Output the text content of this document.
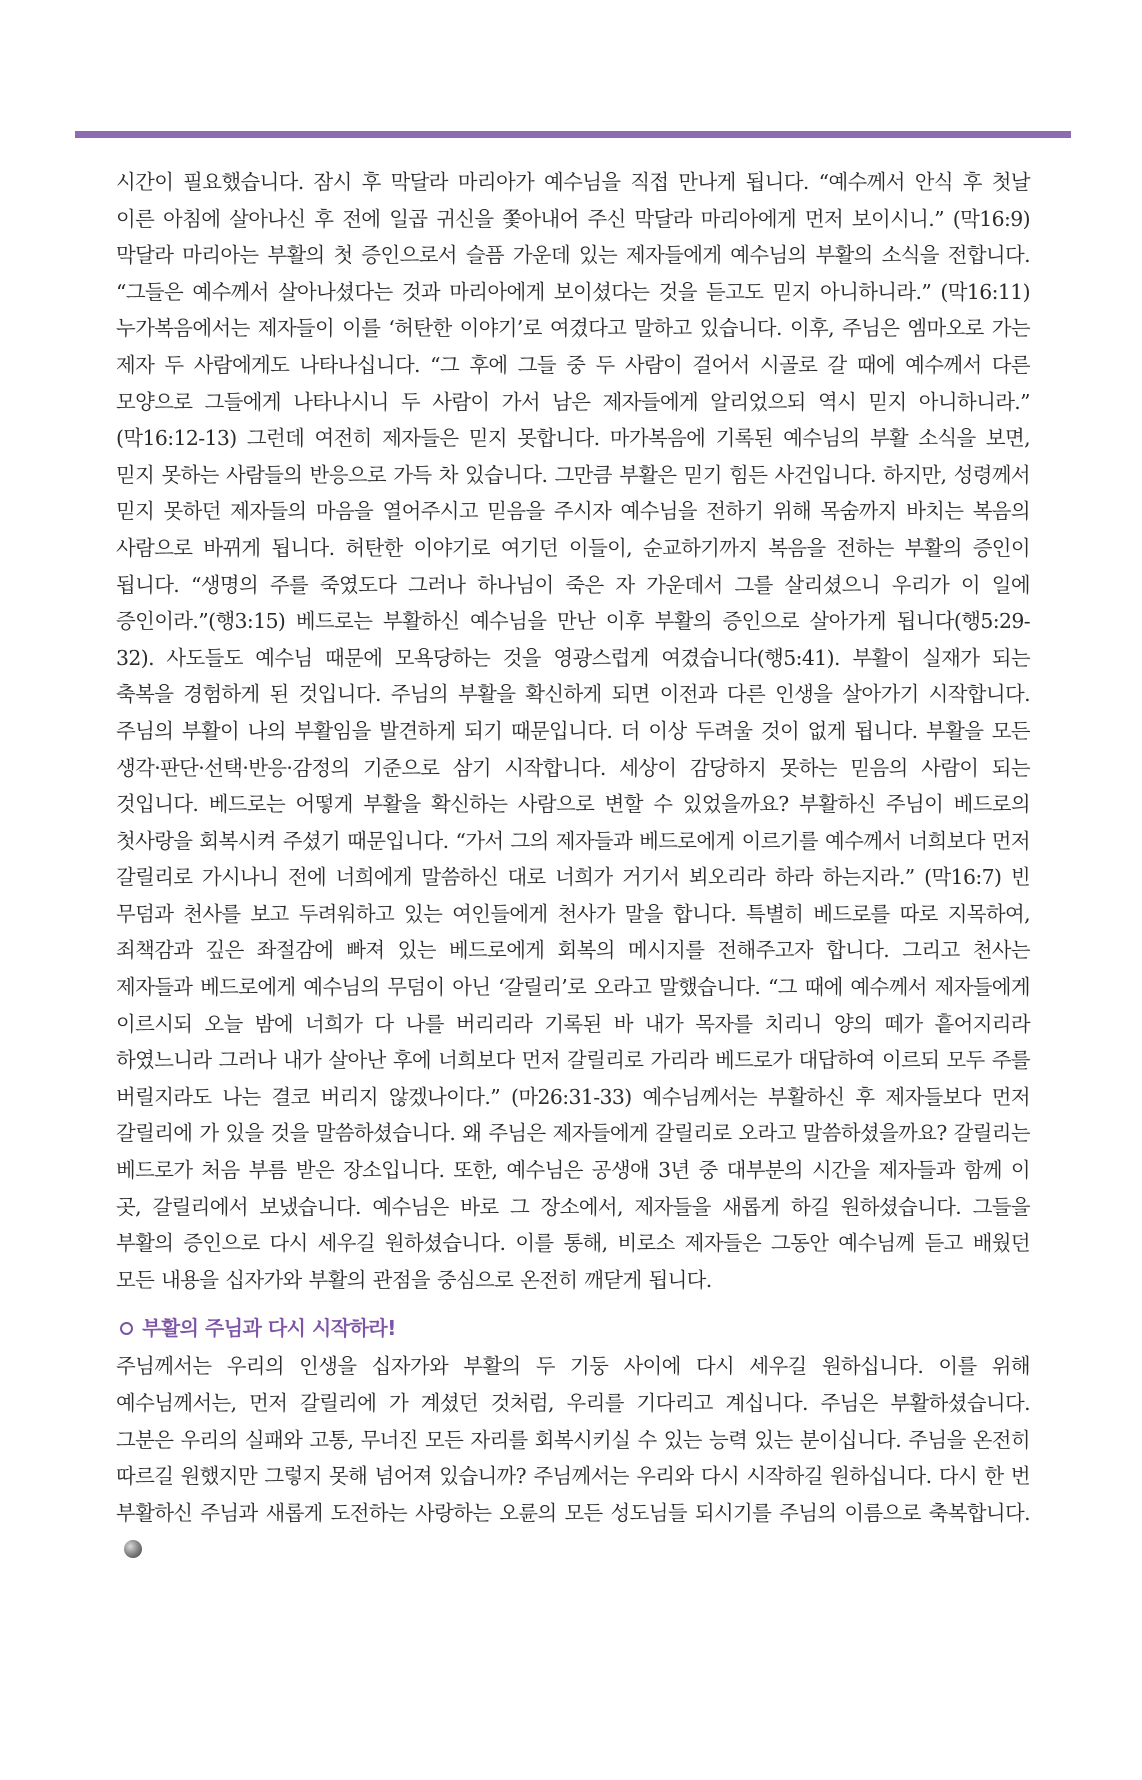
시간이 필요했습니다. 잠시 후 막달라 마리아가 예수님을 직접 만나게 됩니다. “예수께서 안식 후 첫날 이른 아침에 살아나신 후 전에 일곱 귀신을 쫓아내어 주신 막달라 마리아에게 먼저 보이시니.” (막16:9) 막달라 마리아는 부활의 첫 증인으로서 슬픔 가운데 있는 제자들에게 예수님의 부활의 소식을 전합니다. “그들은 예수께서 살아나셨다는 것과 마리아에게 보이셨다는 것을 듣고도 믿지 아니하니라.” (막16:11) 누가복음에서는 제자들이 이를 ‘허탄한 이야기’로 여겼다고 말하고 있습니다. 이후, 주님은 엠마오로 가는 제자 두 사람에게도 나타나십니다. “그 후에 그들 중 두 사람이 걸어서 시골로 갈 때에 예수께서 다른 모양으로 그들에게 나타나시니 두 사람이 가서 남은 제자들에게 알리었으되 역시 믿지 아니하니라.” (막16:12-13) 그런데 여전히 제자들은 믿지 못합니다. 마가복음에 기록된 예수님의 부활 소식을 보면, 믿지 못하는 사람들의 반응으로 가득 차 있습니다. 그만큼 부활은 믿기 힘든 사건입니다. 하지만, 성령께서 믿지 못하던 제자들의 마음을 열어주시고 믿음을 주시자 예수님을 전하기 위해 목숨까지 바치는 복음의 사람으로 바뀌게 됩니다. 허탄한 이야기로 여기던 이들이, 순교하기까지 복음을 전하는 부활의 증인이 됩니다. “생명의 주를 죽였도다 그러나 하나님이 죽은 자 가운데서 그를 살리셨으니 우리가 이 일에 증인이라.”(행3:15) 베드로는 부활하신 예수님을 만난 이후 부활의 증인으로 살아가게 됩니다(행5:29-32). 사도들도 예수님 때문에 모욕당하는 것을 영광스럽게 여겼습니다(행5:41). 부활이 실재가 되는 축복을 경험하게 된 것입니다. 주님의 부활을 확신하게 되면 이전과 다른 인생을 살아가기 시작합니다. 주님의 부활이 나의 부활임을 발견하게 되기 때문입니다. 더 이상 두려울 것이 없게 됩니다. 부활을 모든 생각·판단·선택·반응·감정의 기준으로 삼기 시작합니다. 세상이 감당하지 못하는 믿음의 사람이 되는 것입니다. 베드로는 어떻게 부활을 확신하는 사람으로 변할 수 있었을까요? 부활하신 주님이 베드로의 첫사랑을 회복시켜 주셨기 때문입니다. “가서 그의 제자들과 베드로에게 이르기를 예수께서 너희보다 먼저 갈릴리로 가시나니 전에 너희에게 말씀하신 대로 너희가 거기서 뵈오리라 하라 하는지라.” (막16:7) 빈 무덤과 천사를 보고 두려워하고 있는 여인들에게 천사가 말을 합니다. 특별히 베드로를 따로 지목하여, 죄책감과 깊은 좌절감에 빠져 있는 베드로에게 회복의 메시지를 전해주고자 합니다. 그리고 천사는 제자들과 베드로에게 예수님의 무덤이 아닌 ‘갈릴리’로 오라고 말했습니다. “그 때에 예수께서 제자들에게 이르시되 오늘 밤에 너희가 다 나를 버리리라 기록된 바 내가 목자를 치리니 양의 떼가 흩어지리라 하였느니라 그러나 내가 살아난 후에 너희보다 먼저 갈릴리로 가리라 베드로가 대답하여 이르되 모두 주를 버릴지라도 나는 결코 버리지 않겠나이다.” (마26:31-33) 예수님께서는 부활하신 후 제자들보다 먼저 갈릴리에 가 있을 것을 말씀하셨습니다. 왜 주님은 제자들에게 갈릴리로 오라고 말씀하셨을까요? 갈릴리는 베드로가 처음 부름 받은 장소입니다. 또한, 예수님은 공생애 3년 중 대부분의 시간을 제자들과 함께 이 곳, 갈릴리에서 보냈습니다. 예수님은 바로 그 장소에서, 제자들을 새롭게 하길 원하셨습니다. 그들을 부활의 증인으로 다시 세우길 원하셨습니다. 이를 통해, 비로소 제자들은 그동안 예수님께 듣고 배웠던 모든 내용을 십자가와 부활의 관점을 중심으로 온전히 깨닫게 됩니다.

부활의 주님과 다시 시작하라!

주님께서는 우리의 인생을 십자가와 부활의 두 기둥 사이에 다시 세우길 원하십니다. 이를 위해 예수님께서는, 먼저 갈릴리에 가 계셨던 것처럼, 우리를 기다리고 계십니다. 주님은 부활하셨습니다. 그분은 우리의 실패와 고통, 무너진 모든 자리를 회복시키실 수 있는 능력 있는 분이십니다. 주님을 온전히 따르길 원했지만 그렇지 못해 넘어져 있습니까? 주님께서는 우리와 다시 시작하길 원하십니다. 다시 한 번 부활하신 주님과 새롭게 도전하는 사랑하는 오륜의 모든 성도님들 되시기를 주님의 이름으로 축복합니다.
